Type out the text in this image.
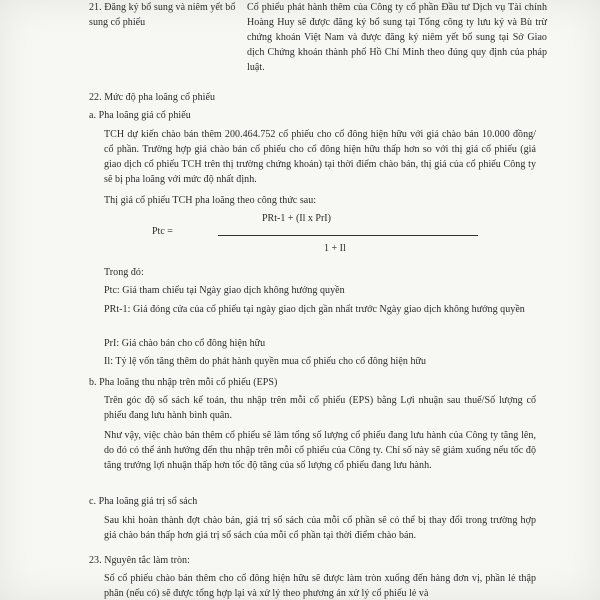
21. Đăng ký bổ sung và niêm yết bổ sung cổ phiếu
Cổ phiếu phát hành thêm của Công ty cổ phần Đầu tư Dịch vụ Tài chính Hoàng Huy sẽ được đăng ký bổ sung tại Tổng công ty lưu ký và Bù trừ chứng khoán Việt Nam và được đăng ký niêm yết bổ sung tại Sở Giao dịch Chứng khoán thành phố Hồ Chí Minh theo đúng quy định của pháp luật.
22. Mức độ pha loãng cổ phiếu
a. Pha loãng giá cổ phiếu
TCH dự kiến chào bán thêm 200.464.752 cổ phiếu cho cổ đông hiện hữu với giá chào bán 10.000 đồng/ cổ phần. Trường hợp giá chào bán cổ phiếu cho cổ đông hiện hữu thấp hơn so với thị giá cổ phiếu (giá giao dịch cổ phiếu TCH trên thị trường chứng khoán) tại thời điểm chào bán, thị giá của cổ phiếu Công ty sẽ bị pha loãng với mức độ nhất định.
Thị giá cổ phiếu TCH pha loãng theo công thức sau:
Ptc =
PRt-1 + (Il x PrI)
1 + Il
Trong đó:
Ptc: Giá tham chiếu tại Ngày giao dịch không hưởng quyền
PRt-1: Giá đóng cửa của cổ phiếu tại ngày giao dịch gần nhất trước Ngày giao dịch không hưởng quyền
PrI: Giá chào bán cho cổ đông hiện hữu
Il: Tỷ lệ vốn tăng thêm do phát hành quyền mua cổ phiếu cho cổ đông hiện hữu
b. Pha loãng thu nhập trên mỗi cổ phiếu (EPS)
Trên góc độ số sách kế toán, thu nhập trên mỗi cổ phiếu (EPS) bằng Lợi nhuận sau thuế/Số lượng cổ phiếu đang lưu hành bình quân.
Như vậy, việc chào bán thêm cổ phiếu sẽ làm tổng số lượng cổ phiếu đang lưu hành của Công ty tăng lên, do đó có thể ảnh hưởng đến thu nhập trên mỗi cổ phiếu của Công ty. Chỉ số này sẽ giảm xuống nếu tốc độ tăng trưởng lợi nhuận thấp hơn tốc độ tăng của số lượng cổ phiếu đang lưu hành.
c. Pha loãng giá trị sổ sách
Sau khi hoàn thành đợt chào bán, giá trị sổ sách của mỗi cổ phần sẽ có thể bị thay đổi trong trường hợp giá chào bán thấp hơn giá trị sổ sách của mỗi cổ phần tại thời điểm chào bán.
23. Nguyên tắc làm tròn:
Số cổ phiếu chào bán thêm cho cổ đông hiện hữu sẽ được làm tròn xuống đến hàng đơn vị, phần lẻ thập phân (nếu có) sẽ được tổng hợp lại và xử lý theo phương án xử lý cổ phiếu lẻ và
